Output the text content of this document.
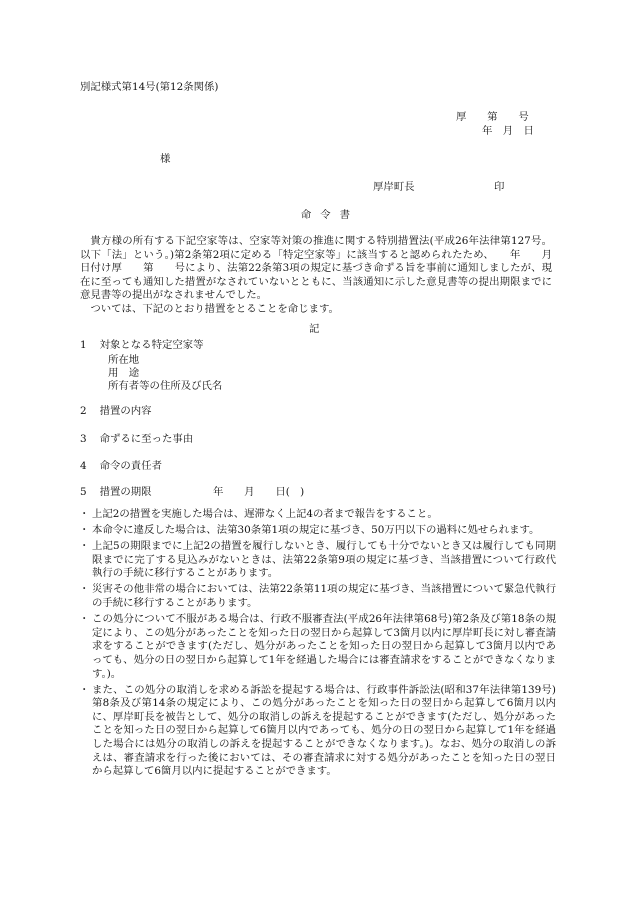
別記様式第14号(第12条関係)
厚　　第　　号
年　月　日
様
厚岸町長	印
命令書

貴方様の所有する下記空家等は、空家等対策の推進に関する特別措置法(平成26年法律第127号。以下「法」という。)第2条第2項に定める「特定空家等」に該当すると認められたため、　　年　　月　　日付け厚　　第　　号により、法第22条第3項の規定に基づき命ずる旨を事前に通知しましたが、現在に至っても通知した措置がなされていないとともに、当該通知に示した意見書等の提出期限までに意見書等の提出がなされませんでした。

ついては、下記のとおり措置をとることを命じます。

記
1 対象となる特定空家等
所在地
用　途
所有者等の住所及び氏名
2 措置の内容
3 命ずるに至った事由
4 命令の責任者
5 措置の期限	年　　月　　日(　)
・ 上記2の措置を実施した場合は、遅滞なく上記4の者まで報告をすること。
・ 本命令に違反した場合は、法第30条第1項の規定に基づき、50万円以下の過料に処せられます。
・ 上記5の期限までに上記2の措置を履行しないとき、履行しても十分でないとき又は履行しても同期限までに完了する見込みがないときは、法第22条第9項の規定に基づき、当該措置について行政代執行の手続に移行することがあります。
・ 災害その他非常の場合においては、法第22条第11項の規定に基づき、当該措置について緊急代執行の手続に移行することがあります。
・ この処分について不服がある場合は、行政不服審査法(平成26年法律第68号)第2条及び第18条の規定により、この処分があったことを知った日の翌日から起算して3箇月以内に厚岸町長に対し審査請求をすることができます(ただし、処分があったことを知った日の翌日から起算して3箇月以内であっても、処分の日の翌日から起算して1年を経過した場合には審査請求をすることができなくなります。)。
・ また、この処分の取消しを求める訴訟を提起する場合は、行政事件訴訟法(昭和37年法律第139号)第8条及び第14条の規定により、この処分があったことを知った日の翌日から起算して6箇月以内に、厚岸町長を被告として、処分の取消しの訴えを提起することができます(ただし、処分があったことを知った日の翌日から起算して6箇月以内であっても、処分の日の翌日から起算して1年を経過した場合には処分の取消しの訴えを提起することができなくなります。)。なお、処分の取消しの訴えは、審査請求を行った後においては、その審査請求に対する処分があったことを知った日の翌日から起算して6箇月以内に提起することができます。
